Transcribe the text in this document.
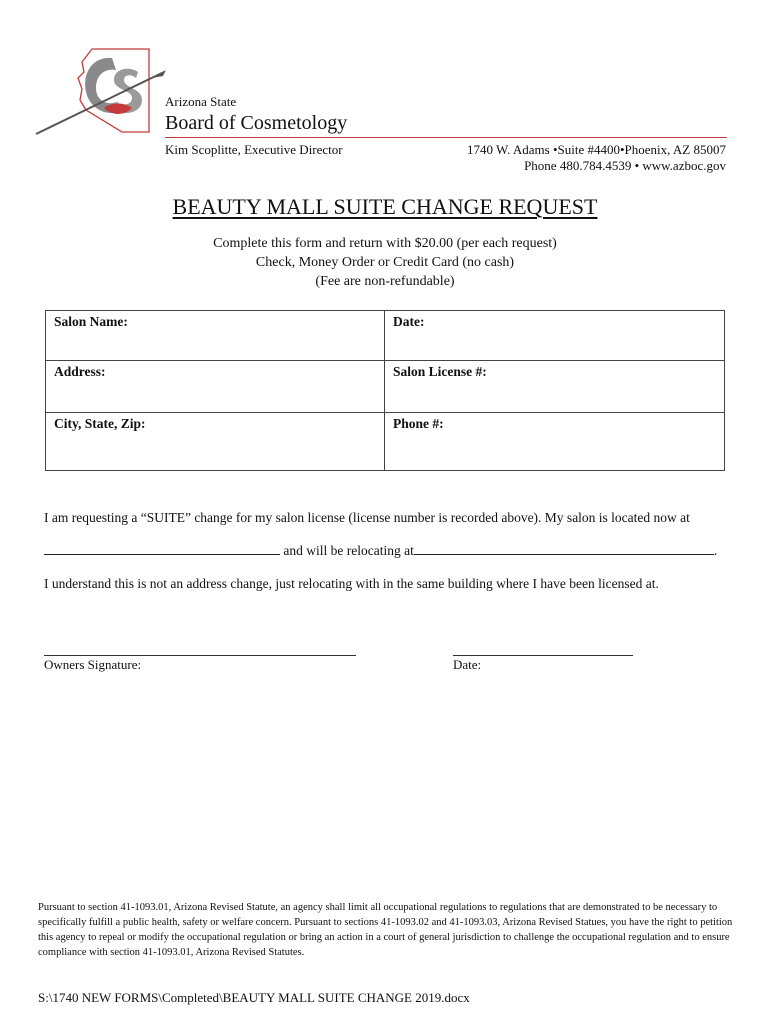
Arizona State
Board of Cosmetology
Kim Scoplitte, Executive Director	1740 W. Adams •Suite #4400•Phoenix, AZ 85007
Phone 480.784.4539 • www.azboc.gov
BEAUTY MALL SUITE CHANGE REQUEST
Complete this form and return with $20.00 (per each request)
Check, Money Order or Credit Card (no cash)
(Fee are non-refundable)
Salon Name:	Date:
Address:	Salon License #:
City, State, Zip:	Phone #:
I am requesting a “SUITE” change for my salon license (license number is recorded above). My salon is located now at
and will be relocating at	.
I understand this is not an address change, just relocating with in the same building where I have been licensed at.
Owners Signature:	Date:
Pursuant to section 41-1093.01, Arizona Revised Statute, an agency shall limit all occupational regulations to regulations that are demonstrated to be necessary to specifically fulfill a public health, safety or welfare concern. Pursuant to sections 41-1093.02 and 41-1093.03, Arizona Revised Statues, you have the right to petition this agency to repeal or modify the occupational regulation or bring an action in a court of general jurisdiction to challenge the occupational regulation and to ensure compliance with section 41-1093.01, Arizona Revised Statutes.
S:\1740 NEW FORMS\Completed\BEAUTY MALL SUITE CHANGE 2019.docx
